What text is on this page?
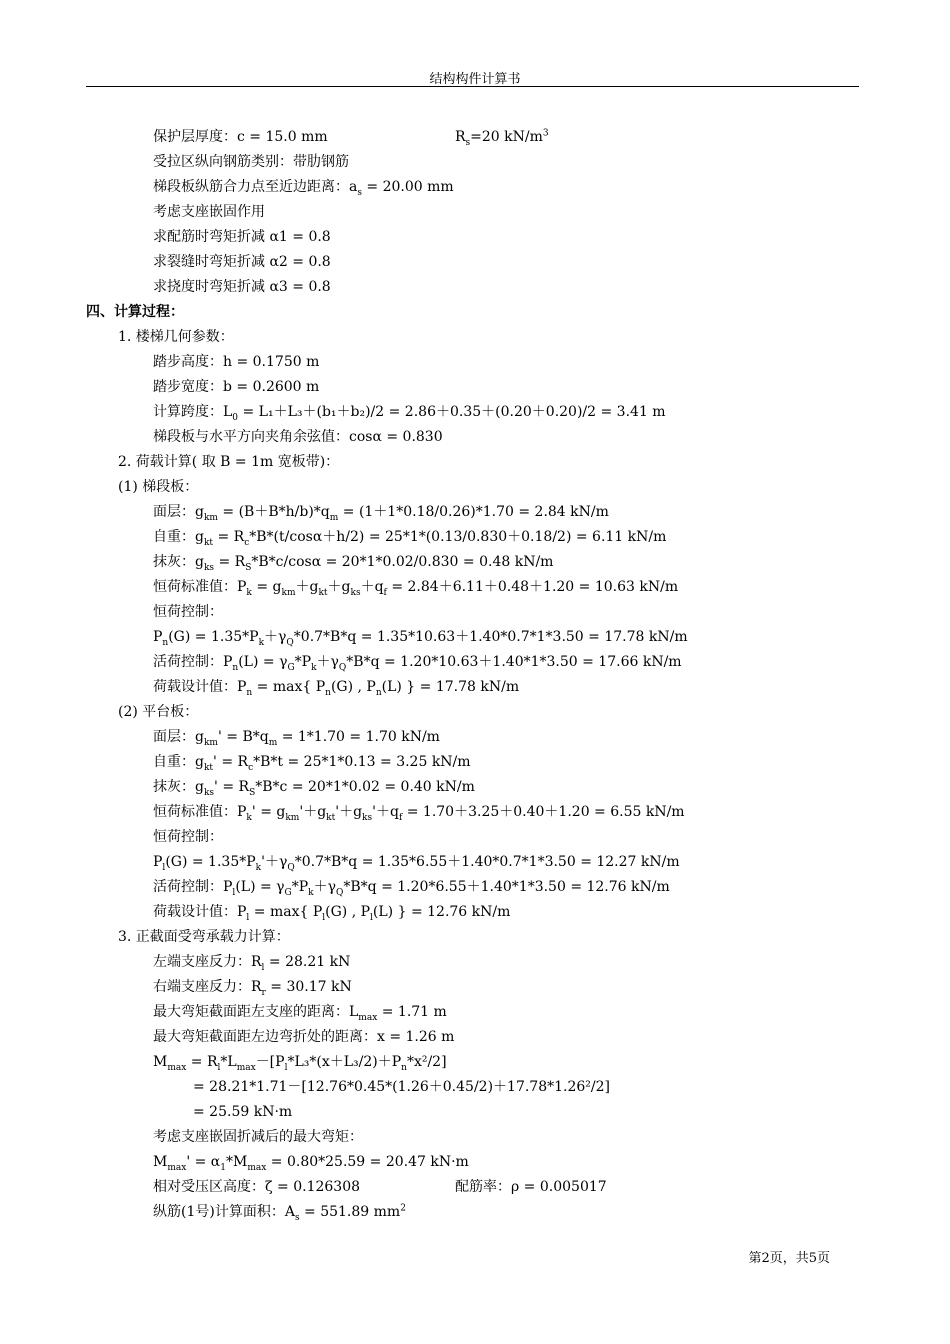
结构构件计算书
保护层厚度：c = 15.0 mm	$R_s=20$ $kN/m^3$
受拉区纵向钢筋类别：带肋钢筋
梯段板纵筋合力点至近边距离：$a_s = 20.00$ mm
考虑支座嵌固作用
求配筋时弯矩折减 α1 = 0.8
求裂缝时弯矩折减 α2 = 0.8
求挠度时弯矩折减 α3 = 0.8
四、计算过程：
1. 楼梯几何参数：
踏步高度：h = 0.1750 m
踏步宽度：b = 0.2600 m
计算跨度：$L_0 = L_1+L_3+(b_1+b_2)/2 = 2.86+0.35+(0.20+0.20)/2 = 3.41$ m
梯段板与水平方向夹角余弦值：cosα = 0.830
2. 荷载计算( 取 B = 1m 宽板带)：
(1) 梯段板：
面层：$g_{km} = (B+B*h/b)*q_m = (1+1*0.18/0.26)*1.70 = 2.84$ kN/m
自重：$g_{kt} = R_c*B*(t/\cos\alpha+h/2) = 25*1*(0.13/0.830+0.18/2) = 6.11$ kN/m
抹灰：$g_{ks} = R_S*B*c/\cos\alpha = 20*1*0.02/0.830 = 0.48$ kN/m
恒荷标准值：$P_k = g_{km}+g_{kt}+g_{ks}+q_f = 2.84+6.11+0.48+1.20 = 10.63$ kN/m
恒荷控制：
$P_n(G) = 1.35*P_k+\gamma_Q*0.7*B*q = 1.35*10.63+1.40*0.7*1*3.50 = 17.78$ kN/m
活荷控制：$P_n(L) = \gamma_G*P_k+\gamma_Q*B*q = 1.20*10.63+1.40*1*3.50 = 17.66$ kN/m
荷载设计值：$P_n = \max${ $P_n(G)$ , $P_n(L)$ } = 17.78 kN/m
(2) 平台板：
面层：$g_{km}' = B*q_m = 1*1.70 = 1.70$ kN/m
自重：$g_{kt}' = R_c*B*t = 25*1*0.13 = 3.25$ kN/m
抹灰：$g_{ks}' = R_S*B*c = 20*1*0.02 = 0.40$ kN/m
恒荷标准值：$P_k' = g_{km}'+g_{kt}'+g_{ks}'+q_f = 1.70+3.25+0.40+1.20 = 6.55$ kN/m
恒荷控制：
$P_l(G) = 1.35*P_k'+\gamma_Q*0.7*B*q = 1.35*6.55+1.40*0.7*1*3.50 = 12.27$ kN/m
活荷控制：$P_l(L) = \gamma_G*P_k+\gamma_Q*B*q = 1.20*6.55+1.40*1*3.50 = 12.76$ kN/m
荷载设计值：$P_l = \max${ $P_l(G)$ , $P_l(L)$ } = 12.76 kN/m
3. 正截面受弯承载力计算：
左端支座反力：$R_l = 28.21$ kN
右端支座反力：$R_r = 30.17$ kN
最大弯矩截面距左支座的距离：$L_{max} = 1.71$ m
最大弯矩截面距左边弯折处的距离：x = 1.26 m
$M_{max} = R_l*L_{max}-[P_l*L_3*(x+L_3/2)+P_n*x^2/2]$
= 28.21*1.71－[12.76*0.45*(1.26＋0.45/2)＋17.78*1.26²/2]
= 25.59 kN·m
考虑支座嵌固折减后的最大弯矩：
$M_{max}' = \alpha_1*M_{max} = 0.80*25.59 = 20.47$ kN·m
相对受压区高度：ζ = 0.126308	配筋率：ρ = 0.005017
纵筋(1号)计算面积：$A_s = 551.89$ $mm^2$
第2页，共5页
